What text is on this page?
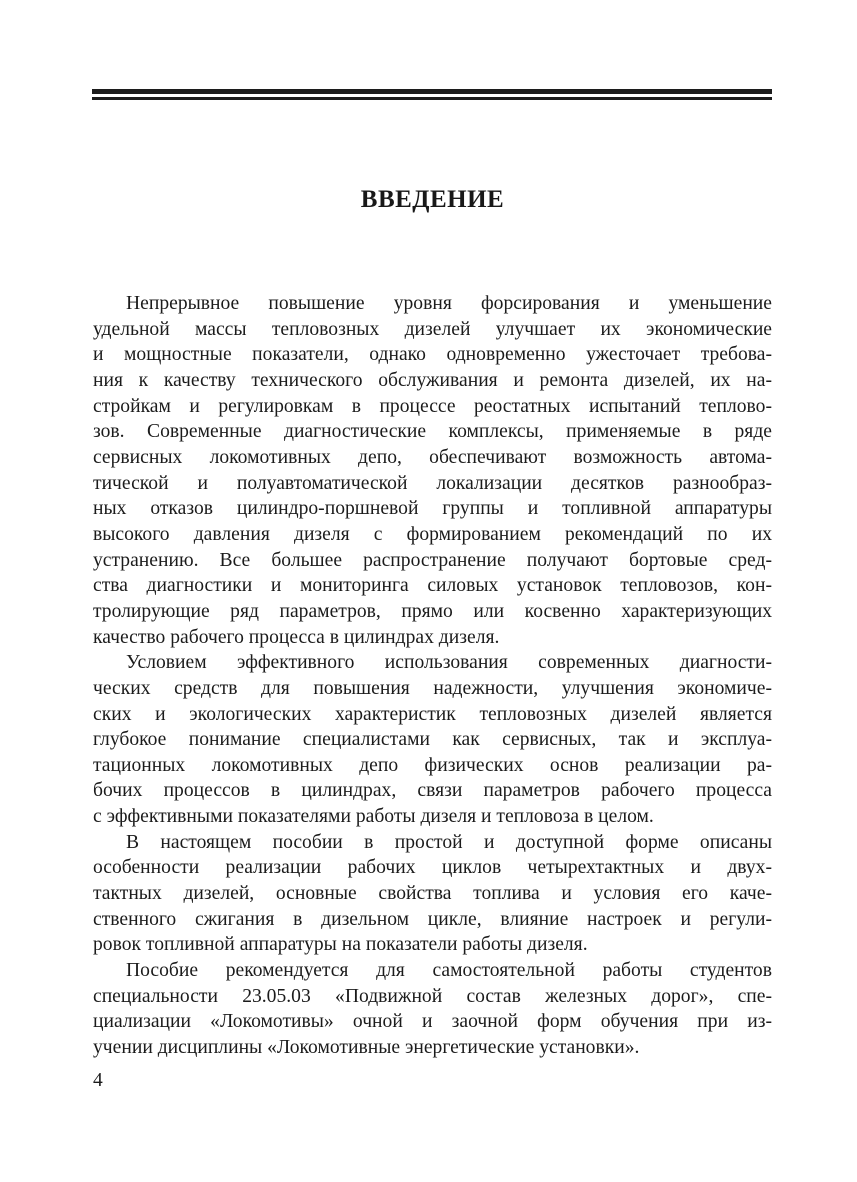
ВВЕДЕНИЕ
Непрерывное повышение уровня форсирования и уменьшение
удельной массы тепловозных дизелей улучшает их экономические
и мощностные показатели, однако одновременно ужесточает требова-
ния к качеству технического обслуживания и ремонта дизелей, их на-
стройкам и регулировкам в процессе реостатных испытаний теплово-
зов. Современные диагностические комплексы, применяемые в ряде
сервисных локомотивных депо, обеспечивают возможность автома-
тической и полуавтоматической локализации десятков разнообраз-
ных отказов цилиндро-поршневой группы и топливной аппаратуры
высокого давления дизеля с формированием рекомендаций по их
устранению. Все большее распространение получают бортовые сред-
ства диагностики и мониторинга силовых установок тепловозов, кон-
тролирующие ряд параметров, прямо или косвенно характеризующих
качество рабочего процесса в цилиндрах дизеля.
Условием эффективного использования современных диагности-
ческих средств для повышения надежности, улучшения экономиче-
ских и экологических характеристик тепловозных дизелей является
глубокое понимание специалистами как сервисных, так и эксплуа-
тационных локомотивных депо физических основ реализации ра-
бочих процессов в цилиндрах, связи параметров рабочего процесса
с эффективными показателями работы дизеля и тепловоза в целом.
В настоящем пособии в простой и доступной форме описаны
особенности реализации рабочих циклов четырехтактных и двух-
тактных дизелей, основные свойства топлива и условия его каче-
ственного сжигания в дизельном цикле, влияние настроек и регули-
ровок топливной аппаратуры на показатели работы дизеля.
Пособие рекомендуется для самостоятельной работы студентов
специальности 23.05.03 «Подвижной состав железных дорог», спе-
циализации «Локомотивы» очной и заочной форм обучения при из-
учении дисциплины «Локомотивные энергетические установки».
4
